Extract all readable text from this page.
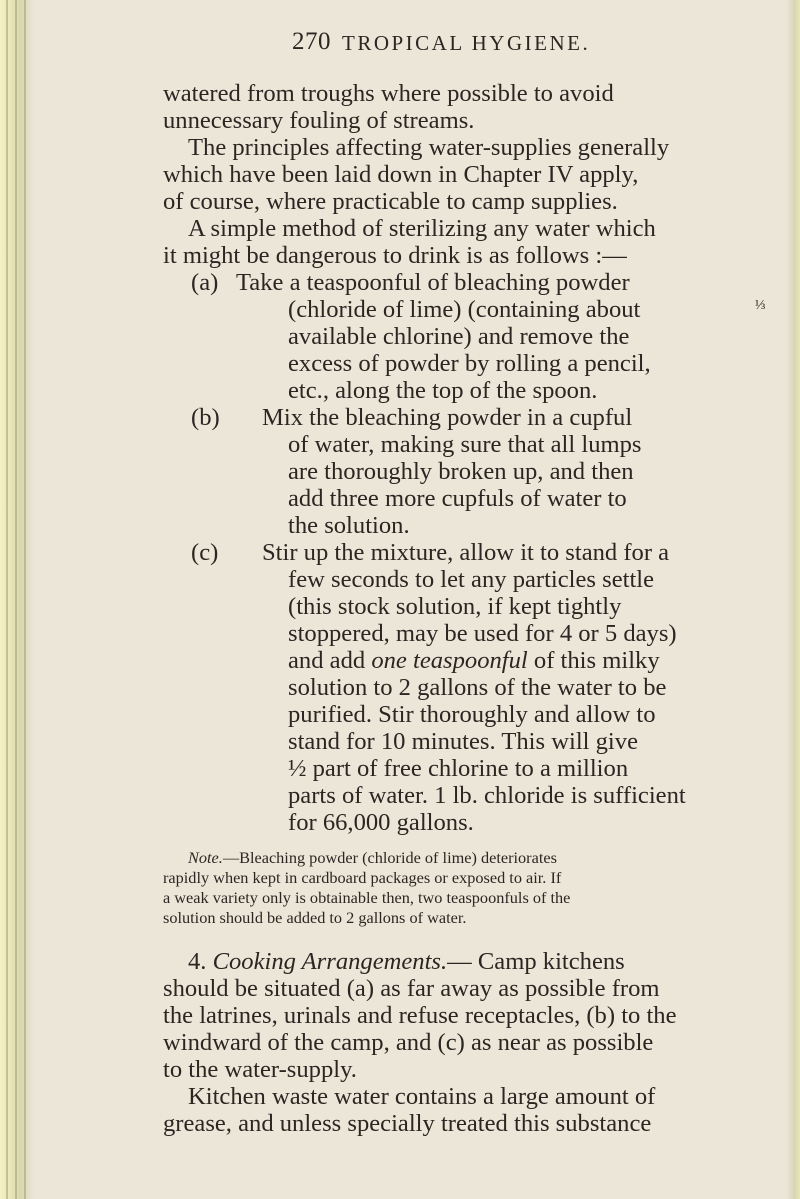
270 TROPICAL HYGIENE.
watered from troughs where possible to avoid
unnecessary fouling of streams.
The principles affecting water-supplies generally
which have been laid down in Chapter IV apply,
of course, where practicable to camp supplies.
A simple method of sterilizing any water which
it might be dangerous to drink is as follows :—
(a) Take a teaspoonful of bleaching powder
(chloride of lime) (containing about	⅓
available chlorine) and remove the
excess of powder by rolling a pencil,
etc., along the top of the spoon.
(b) Mix the bleaching powder in a cupful
of water, making sure that all lumps
are thoroughly broken up, and then
add three more cupfuls of water to
the solution.
(c) Stir up the mixture, allow it to stand for a
few seconds to let any particles settle
(this stock solution, if kept tightly
stoppered, may be used for 4 or 5 days)
and add one teaspoonful of this milky
solution to 2 gallons of the water to be
purified. Stir thoroughly and allow to
stand for 10 minutes. This will give
½ part of free chlorine to a million
parts of water. 1 lb. chloride is sufficient
for 66,000 gallons.
Note.—Bleaching powder (chloride of lime) deteriorates
rapidly when kept in cardboard packages or exposed to air. If
a weak variety only is obtainable then, two teaspoonfuls of the
solution should be added to 2 gallons of water.
4. Cooking Arrangements.— Camp kitchens
should be situated (a) as far away as possible from
the latrines, urinals and refuse receptacles, (b) to the
windward of the camp, and (c) as near as possible
to the water-supply.
Kitchen waste water contains a large amount of
grease, and unless specially treated this substance
